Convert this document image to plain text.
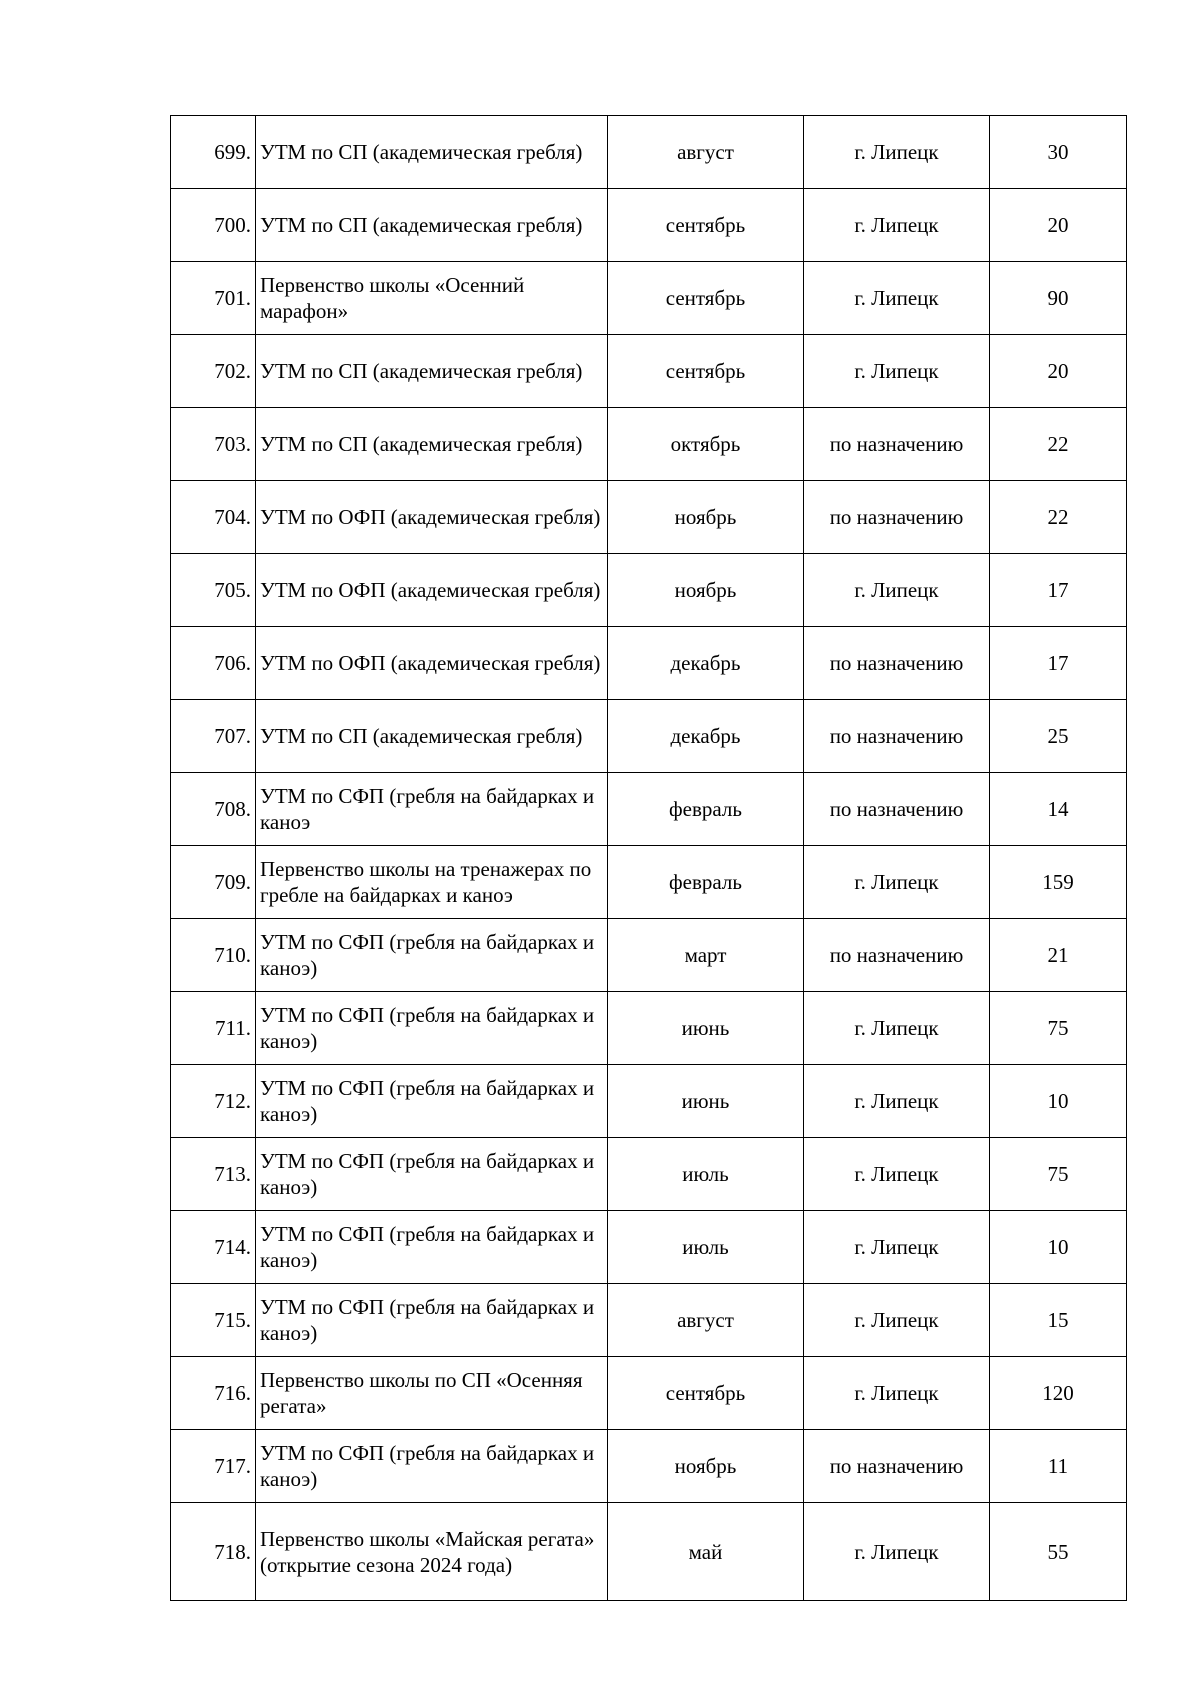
699.	УТМ по СП (академическая гребля)	август	г. Липецк	30
700.	УТМ по СП (академическая гребля)	сентябрь	г. Липецк	20
701.	Первенство школы «Осенний марафон»	сентябрь	г. Липецк	90
702.	УТМ по СП (академическая гребля)	сентябрь	г. Липецк	20
703.	УТМ по СП (академическая гребля)	октябрь	по назначению	22
704.	УТМ по ОФП (академическая гребля)	ноябрь	по назначению	22
705.	УТМ по ОФП (академическая гребля)	ноябрь	г. Липецк	17
706.	УТМ по ОФП (академическая гребля)	декабрь	по назначению	17
707.	УТМ по СП (академическая гребля)	декабрь	по назначению	25
708.	УТМ по СФП (гребля на байдарках и каноэ	февраль	по назначению	14
709.	Первенство школы на тренажерах по гребле на байдарках и каноэ	февраль	г. Липецк	159
710.	УТМ по СФП (гребля на байдарках и каноэ)	март	по назначению	21
711.	УТМ по СФП (гребля на байдарках и каноэ)	июнь	г. Липецк	75
712.	УТМ по СФП (гребля на байдарках и каноэ)	июнь	г. Липецк	10
713.	УТМ по СФП (гребля на байдарках и каноэ)	июль	г. Липецк	75
714.	УТМ по СФП (гребля на байдарках и каноэ)	июль	г. Липецк	10
715.	УТМ по СФП (гребля на байдарках и каноэ)	август	г. Липецк	15
716.	Первенство школы по СП «Осенняя регата»	сентябрь	г. Липецк	120
717.	УТМ по СФП (гребля на байдарках и каноэ)	ноябрь	по назначению	11
718.	Первенство школы «Майская регата» (открытие сезона 2024 года)	май	г. Липецк	55
